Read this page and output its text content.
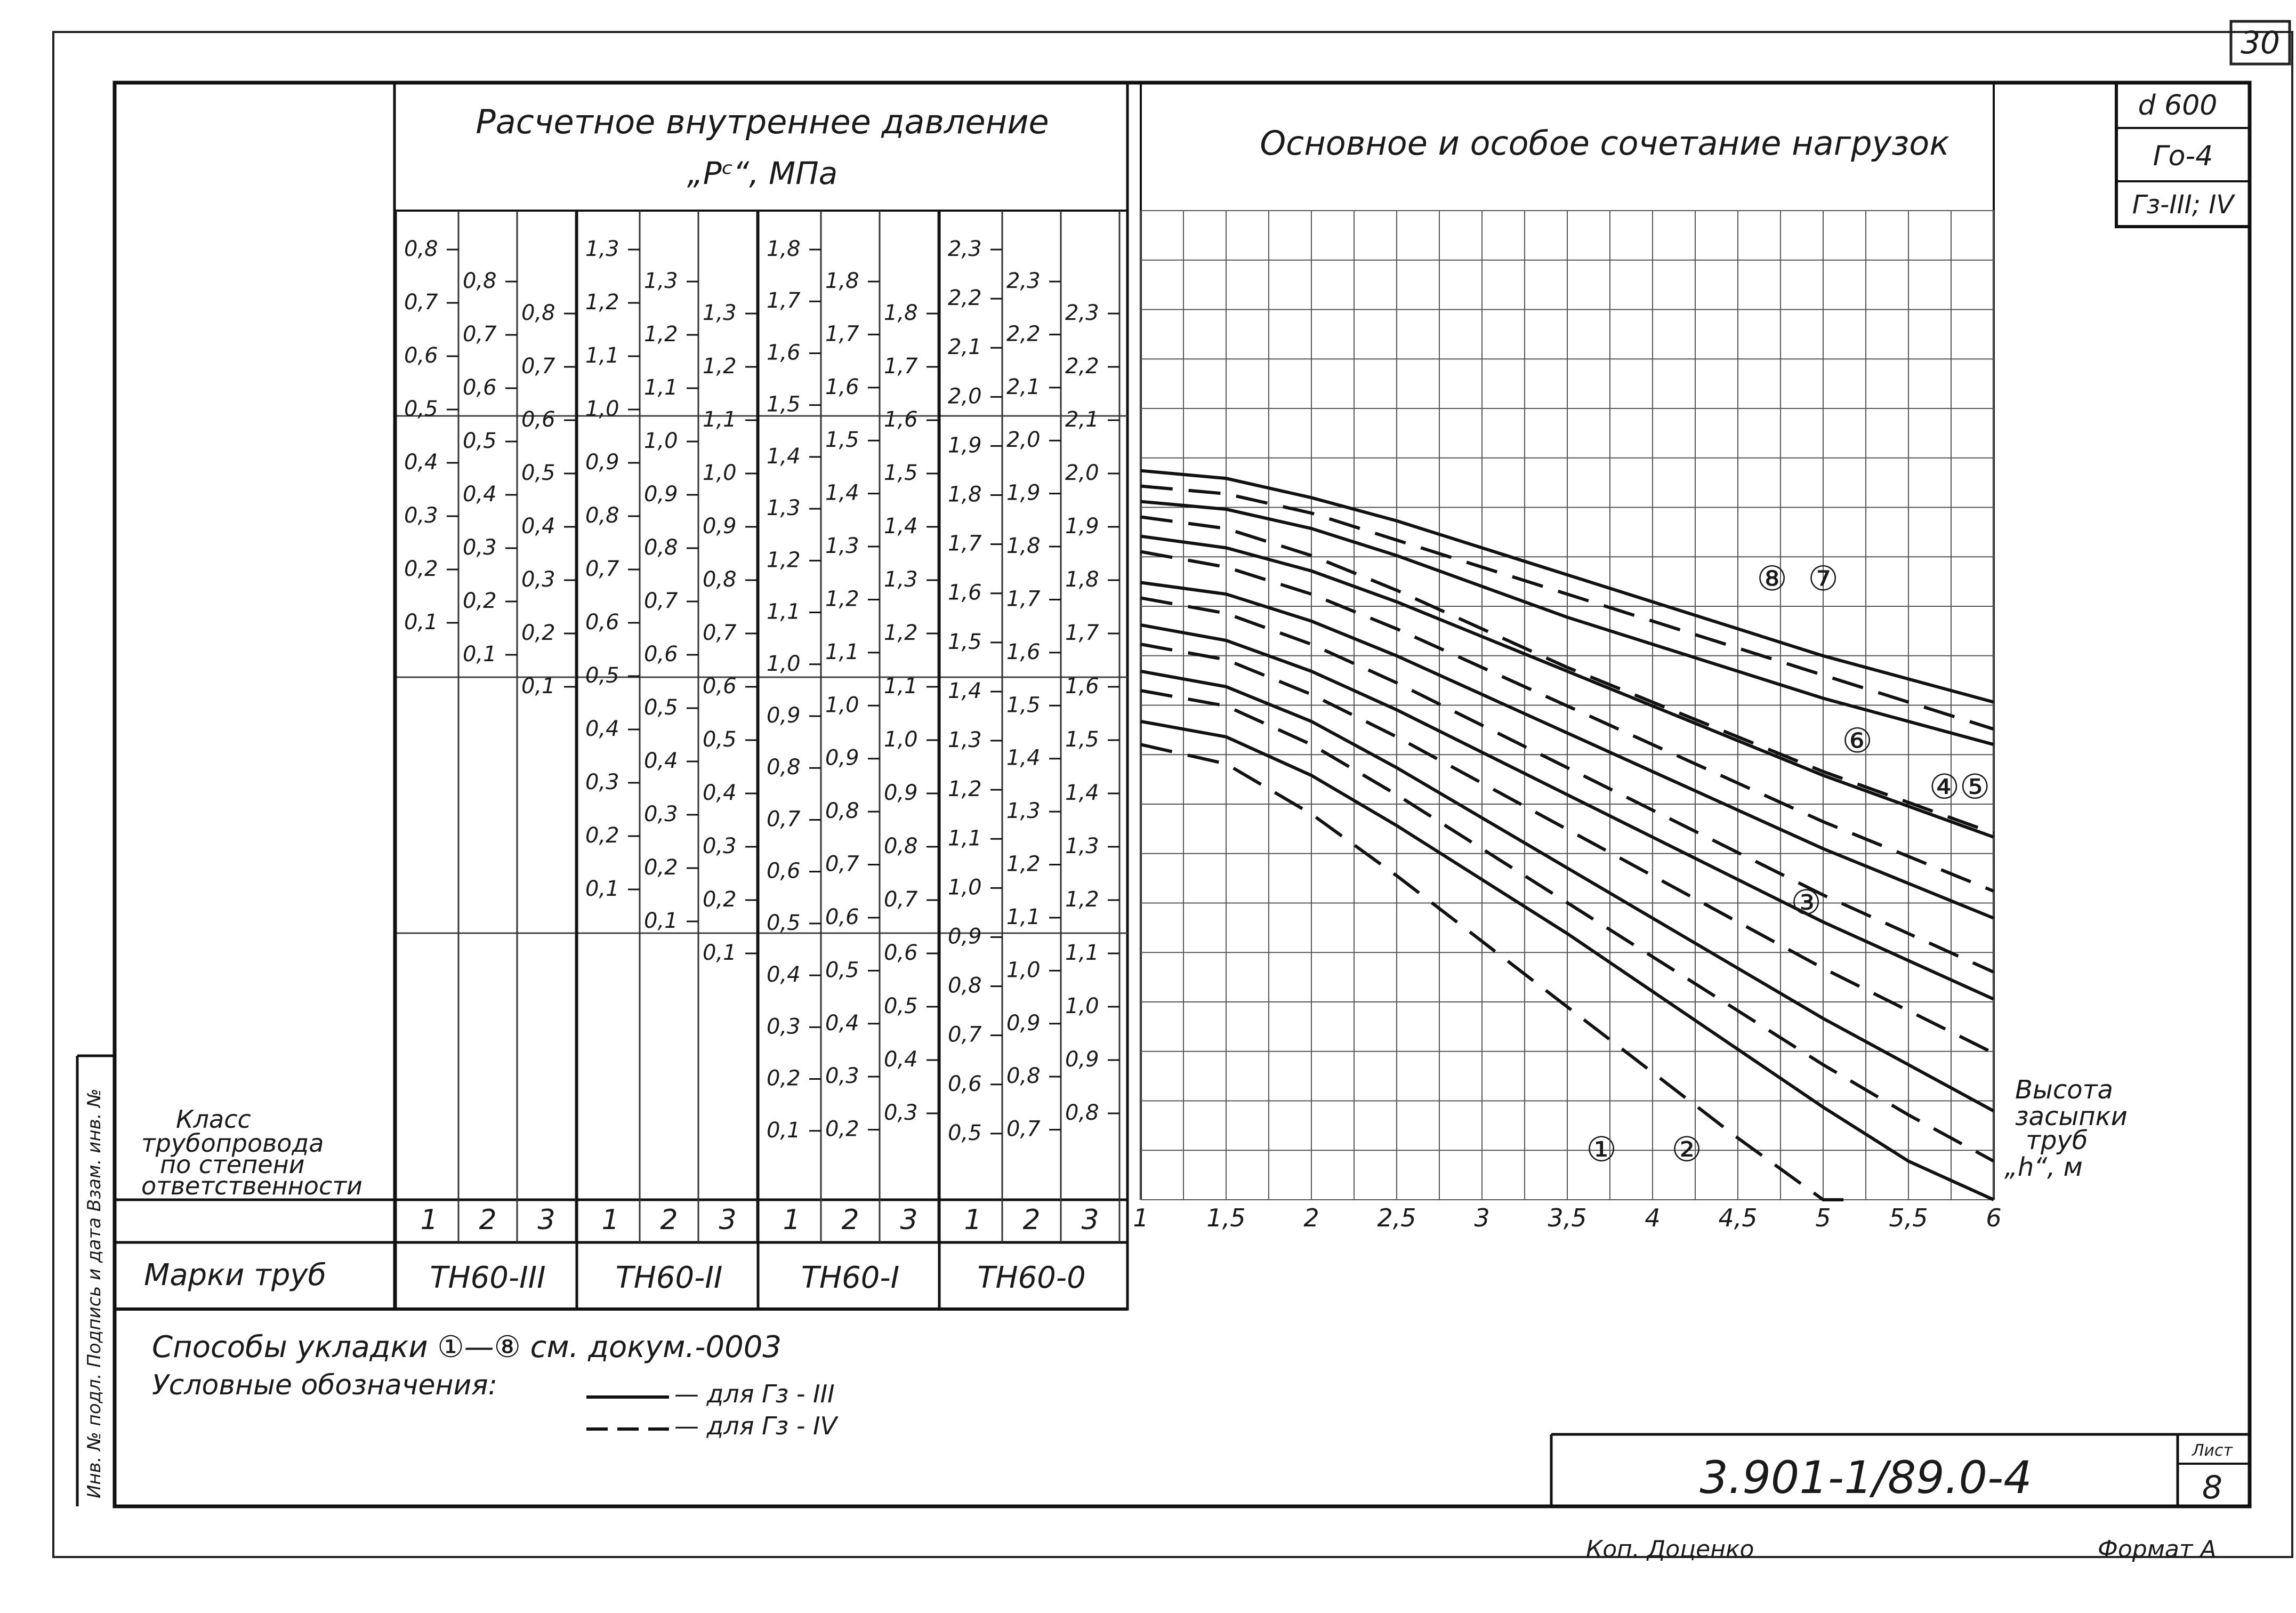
30
d 600
Го-4
Гз-III; IV
Расчетное внутреннее давление
„Рᶜ“, МПа
ТН60-III
1
0,8
0,7
0,6
0,5
0,4
0,3
0,2
0,1
2
0,8
0,7
0,6
0,5
0,4
0,3
0,2
0,1
3
0,8
0,7
0,6
0,5
0,4
0,3
0,2
0,1
ТН60-II
1
1,3
1,2
1,1
1,0
0,9
0,8
0,7
0,6
0,5
0,4
0,3
0,2
0,1
2
1,3
1,2
1,1
1,0
0,9
0,8
0,7
0,6
0,5
0,4
0,3
0,2
0,1
3
1,3
1,2
1,1
1,0
0,9
0,8
0,7
0,6
0,5
0,4
0,3
0,2
0,1
ТН60-I
1
1,8
1,7
1,6
1,5
1,4
1,3
1,2
1,1
1,0
0,9
0,8
0,7
0,6
0,5
0,4
0,3
0,2
0,1
2
1,8
1,7
1,6
1,5
1,4
1,3
1,2
1,1
1,0
0,9
0,8
0,7
0,6
0,5
0,4
0,3
0,2
3
1,8
1,7
1,6
1,5
1,4
1,3
1,2
1,1
1,0
0,9
0,8
0,7
0,6
0,5
0,4
0,3
ТН60-0
1
2,3
2,2
2,1
2,0
1,9
1,8
1,7
1,6
1,5
1,4
1,3
1,2
1,1
1,0
0,9
0,8
0,7
0,6
0,5
2
2,3
2,2
2,1
2,0
1,9
1,8
1,7
1,6
1,5
1,4
1,3
1,2
1,1
1,0
0,9
0,8
0,7
3
2,3
2,2
2,1
2,0
1,9
1,8
1,7
1,6
1,5
1,4
1,3
1,2
1,1
1,0
0,9
0,8
Класс
трубопровода
по степени
ответственности
Марки труб
Инв. № подл. Подпись и дата Взам. инв. №
Основное и особое сочетание нагрузок
1 1,5 2 2,5 3 3,5 4 4,5 5 5,5 6
⑧ ⑦
⑥
④⑤
③
① ②
Высота засыпки труб „h“, м
Способы укладки ①—⑧ см. докум.-0003
Условные обозначения:	— для Гз - III
— для Гз - IV
3.901-1/89.0-4
Лист
8
Коп. Доценко	Формат А
